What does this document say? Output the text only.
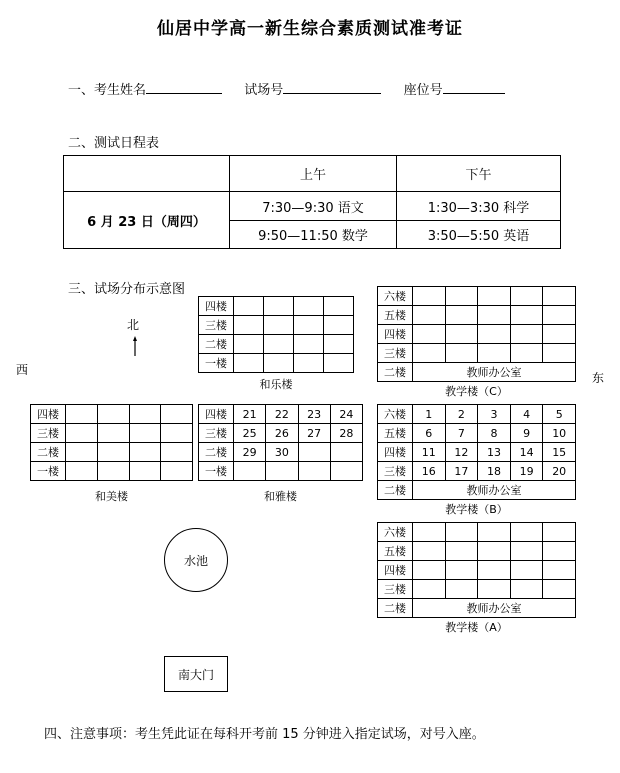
仙居中学高一新生综合素质测试准考证
一、考生姓名	试场号	座位号
二、测试日程表
	上午	下午
6 月 23 日（周四）	7:30—9:30 语文	1:30—3:30 科学
	9:50—11:50 数学	3:50—5:50 英语
三、试场分布示意图
北
西
东
四楼				
三楼				
二楼				
一楼				
和乐楼
四楼				
三楼				
二楼				
一楼				
和美楼
四楼	21	22	23	24
三楼	25	26	27	28
二楼	29	30		
一楼				
和雅楼
六楼					
五楼					
四楼					
三楼					
二楼	教师办公室				
教学楼（C）
六楼	1	2	3	4	5
五楼	6	7	8	9	10
四楼	11	12	13	14	15
三楼	16	17	18	19	20
二楼	教师办公室				
教学楼（B）
六楼					
五楼					
四楼					
三楼					
二楼	教师办公室				
教学楼（A）
水池
南大门
四、注意事项：考生凭此证在每科开考前 15 分钟进入指定试场，对号入座。
